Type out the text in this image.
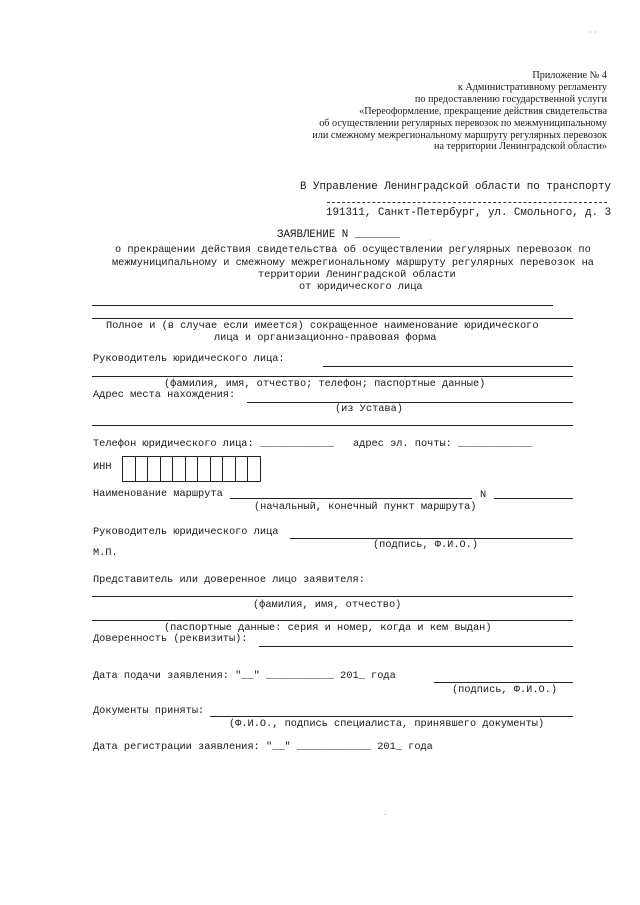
Приложение № 4
к Административному регламенту
по предоставлению государственной услуги
«Переоформление, прекращение действия свидетельства
об осуществлении регулярных перевозок по межмуниципальному
или смежному межрегиональному маршруту регулярных перевозок
на территории Ленинградской области»
· ·
·
.
В Управление Ленинградской области по транспорту
191311, Санкт-Петербург, ул. Смольного, д. 3
ЗАЯВЛЕНИЕ N _______
о прекращении действия свидетельства об осуществлении регулярных перевозок по
межмуниципальному и смежному межрегиональному маршруту регулярных перевозок на
территории Ленинградской области
от юридического лица
Полное и (в случае если имеется) сокращенное наименование юридического
лица и организационно-правовая форма
Руководитель юридического лица:
(фамилия, имя, отчество; телефон; паспортные данные)
Адрес места нахождения:
(из Устава)
Телефон юридического лица: ____________ адрес эл. почты: ____________
ИНН
Наименование маршрута	N
(начальный, конечный пункт маршрута)
Руководитель юридического лица
(подпись, Ф.И.О.)
М.П.
Представитель или доверенное лицо заявителя:
(фамилия, имя, отчество)
(паспортные данные: серия и номер, когда и кем выдан)
Доверенность (реквизиты):
Дата подачи заявления: "__" ___________ 201_ года
(подпись, Ф.И.О.)
Документы приняты:
(Ф.И.О., подпись специалиста, принявшего документы)
Дата регистрации заявления: "__" ____________ 201_ года
